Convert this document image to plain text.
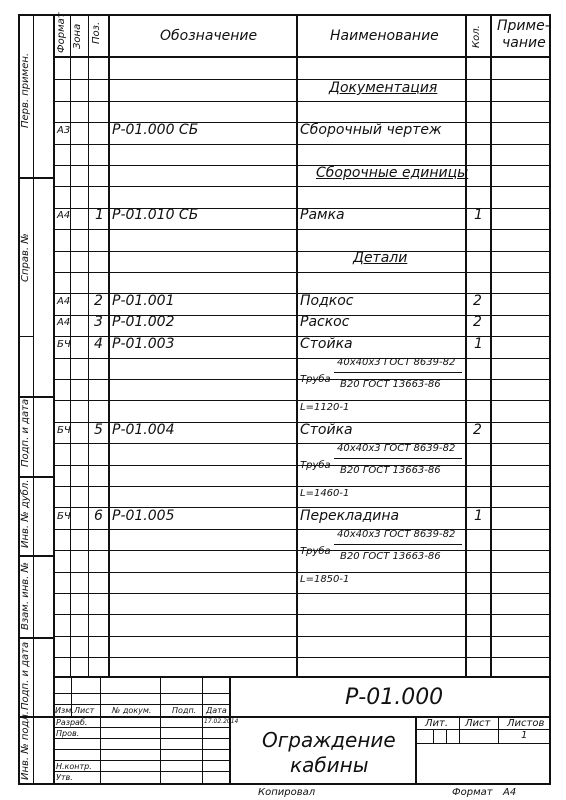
Формат Зона Поз.	Обозначение	Наименование	Кол. Приме-
чание
Документация
Сборочные единицы
Детали
А3	Р-01.000 СБ	Сборочный чертеж
А4 1 Р-01.010 СБ	Рамка	1
А4 2 Р-01.001	Подкос	2
А4 3 Р-01.002	Раскос	2
БЧ 4 Р-01.003	Стойка	1
Труба
40х40х3 ГОСТ 8639-82
В20 ГОСТ 13663-86
L=1120-1
БЧ 5 Р-01.004	Стойка	2
Труба
40х40х3 ГОСТ 8639-82
В20 ГОСТ 13663-86
L=1460-1
БЧ 6 Р-01.005	Перекладина	1
Труба
40х40х3 ГОСТ 8639-82
В20 ГОСТ 13663-86
L=1850-1
Перв. примен.
Справ. №
Подп. и дата
Инв. № дубл.
Взам. инв. №
Подп. и дата
Инв. № подл.
Р-01.000
Изм. Лист № докум.	Подп. Дата
17.02.2014
Разраб.
Пров.
Н.контр.
Утв.
Ограждение
кабины
Лит. Лист Листов
1
Копировал	Формат А4
